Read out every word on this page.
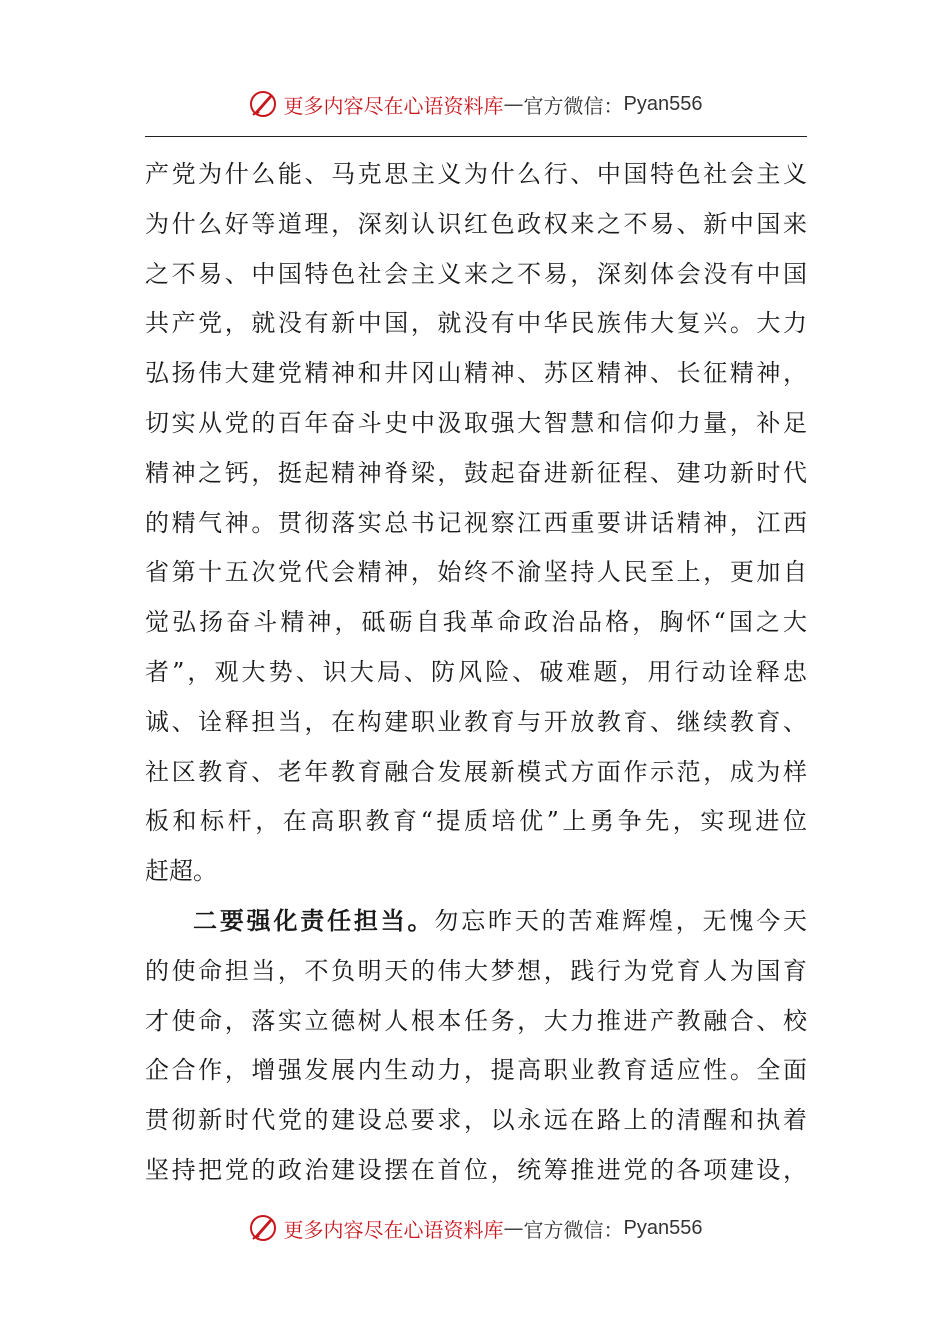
更多内容尽在心语资料库 — 官方微信： Pyan556
产党为什么能、马克思主义为什么行、中国特色社会主义
为什么好等道理，深刻认识红色政权来之不易、新中国来
之不易、中国特色社会主义来之不易，深刻体会没有中国
共产党，就没有新中国，就没有中华民族伟大复兴。大力
弘扬伟大建党精神和井冈山精神、苏区精神、长征精神，
切实从党的百年奋斗史中汲取强大智慧和信仰力量，补足
精神之钙，挺起精神脊梁，鼓起奋进新征程、建功新时代
的精气神。贯彻落实总书记视察江西重要讲话精神，江西
省第十五次党代会精神，始终不渝坚持人民至上，更加自
觉弘扬奋斗精神，砥砺自我革命政治品格，胸怀“国之大
者”，观大势、识大局、防风险、破难题，用行动诠释忠
诚、诠释担当，在构建职业教育与开放教育、继续教育、
社区教育、老年教育融合发展新模式方面作示范，成为样
板和标杆，在高职教育“提质培优”上勇争先，实现进位
赶超。
二要强化责任担当。勿忘昨天的苦难辉煌，无愧今天
的使命担当，不负明天的伟大梦想，践行为党育人为国育
才使命，落实立德树人根本任务，大力推进产教融合、校
企合作，增强发展内生动力，提高职业教育适应性。全面
贯彻新时代党的建设总要求，以永远在路上的清醒和执着
坚持把党的政治建设摆在首位，统筹推进党的各项建设，
更多内容尽在心语资料库 — 官方微信： Pyan556
